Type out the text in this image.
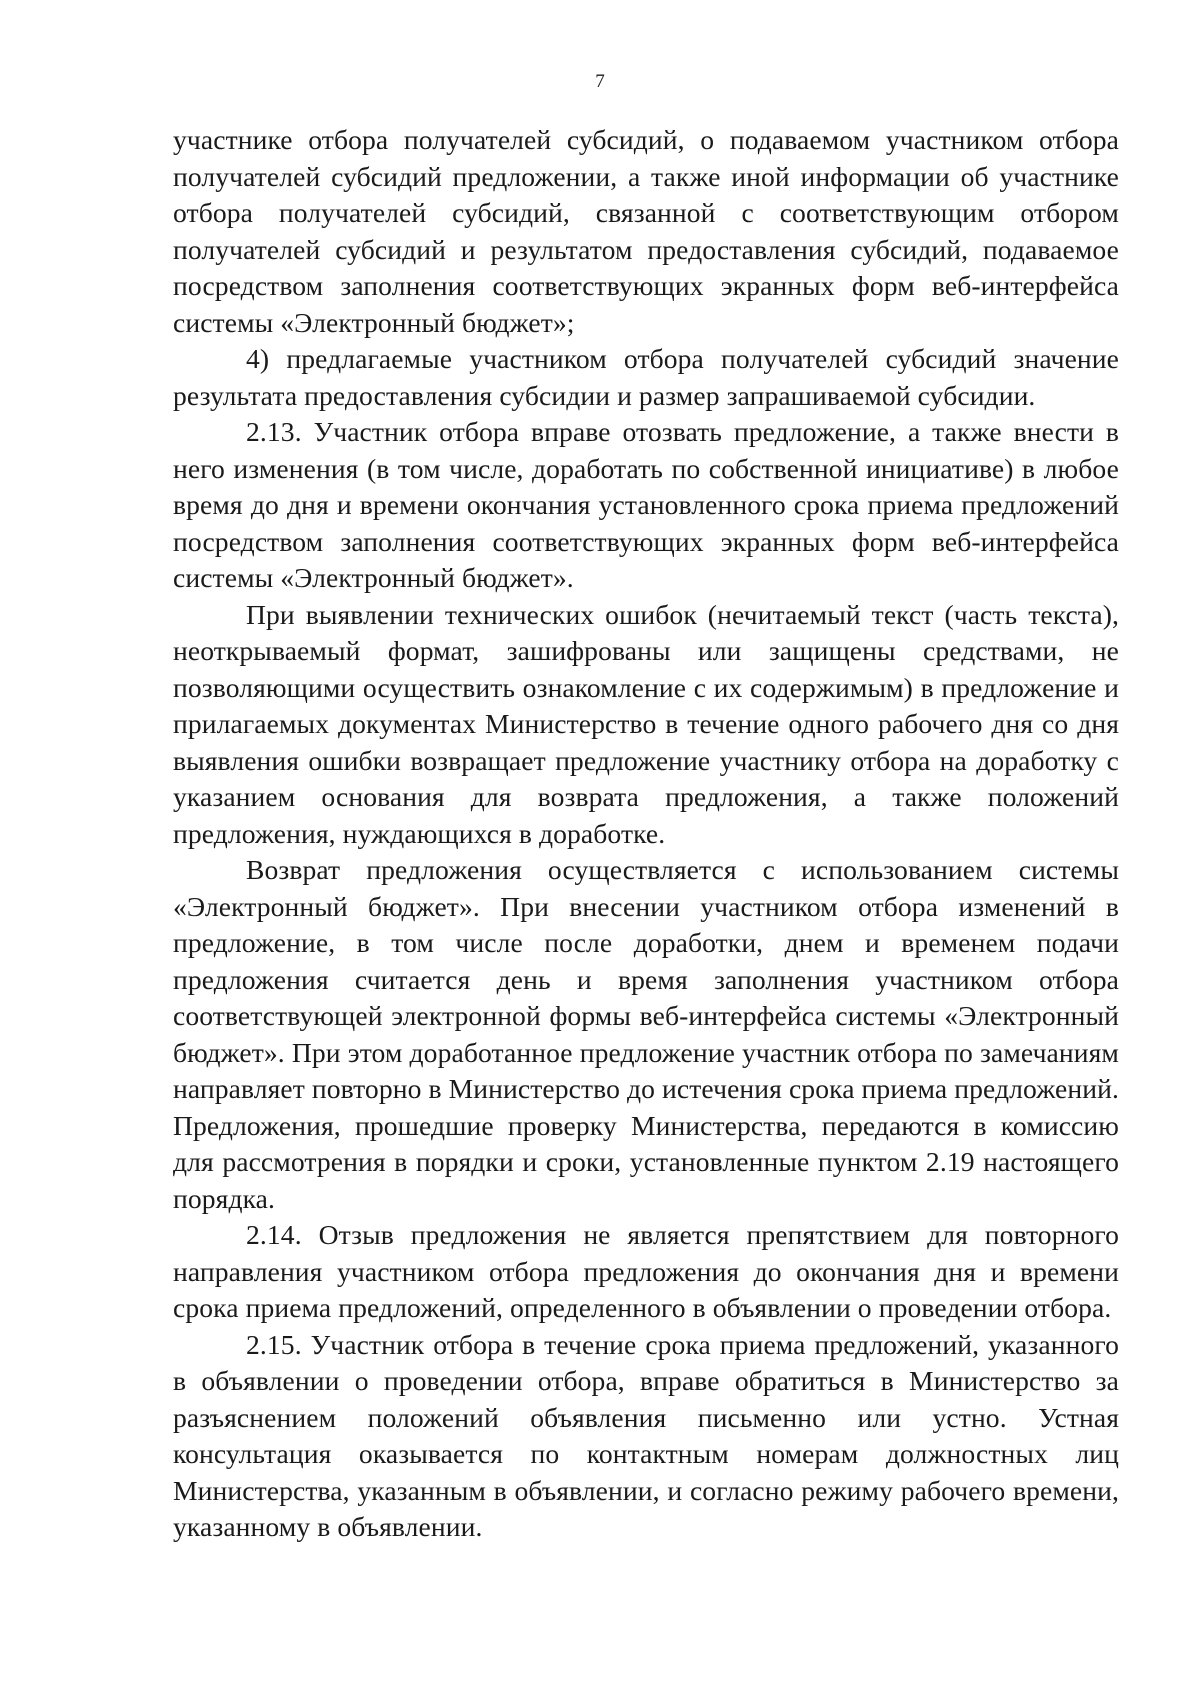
7

участнике отбора получателей субсидий, о подаваемом участником отбора получателей субсидий предложении, а также иной информации об участнике отбора получателей субсидий, связанной с соответствующим отбором получателей субсидий и результатом предоставления субсидий, подаваемое посредством заполнения соответствующих экранных форм веб-интерфейса системы «Электронный бюджет»;

4) предлагаемые участником отбора получателей субсидий значение результата предоставления субсидии и размер запрашиваемой субсидии.

2.13. Участник отбора вправе отозвать предложение, а также внести в него изменения (в том числе, доработать по собственной инициативе) в любое время до дня и времени окончания установленного срока приема предложений посредством заполнения соответствующих экранных форм веб-интерфейса системы «Электронный бюджет».

При выявлении технических ошибок (нечитаемый текст (часть текста), неоткрываемый формат, зашифрованы или защищены средствами, не позволяющими осуществить ознакомление с их содержимым) в предложение и прилагаемых документах Министерство в течение одного рабочего дня со дня выявления ошибки возвращает предложение участнику отбора на доработку с указанием основания для возврата предложения, а также положений предложения, нуждающихся в доработке.

Возврат предложения осуществляется с использованием системы «Электронный бюджет». При внесении участником отбора изменений в предложение, в том числе после доработки, днем и временем подачи предложения считается день и время заполнения участником отбора соответствующей электронной формы веб-интерфейса системы «Электронный бюджет». При этом доработанное предложение участник отбора по замечаниям направляет повторно в Министерство до истечения срока приема предложений. Предложения, прошедшие проверку Министерства, передаются в комиссию для рассмотрения в порядки и сроки, установленные пунктом 2.19 настоящего порядка.

2.14. Отзыв предложения не является препятствием для повторного направления участником отбора предложения до окончания дня и времени срока приема предложений, определенного в объявлении о проведении отбора.

2.15. Участник отбора в течение срока приема предложений, указанного в объявлении о проведении отбора, вправе обратиться в Министерство за разъяснением положений объявления письменно или устно. Устная консультация оказывается по контактным номерам должностных лиц Министерства, указанным в объявлении, и согласно режиму рабочего времени, указанному в объявлении.
